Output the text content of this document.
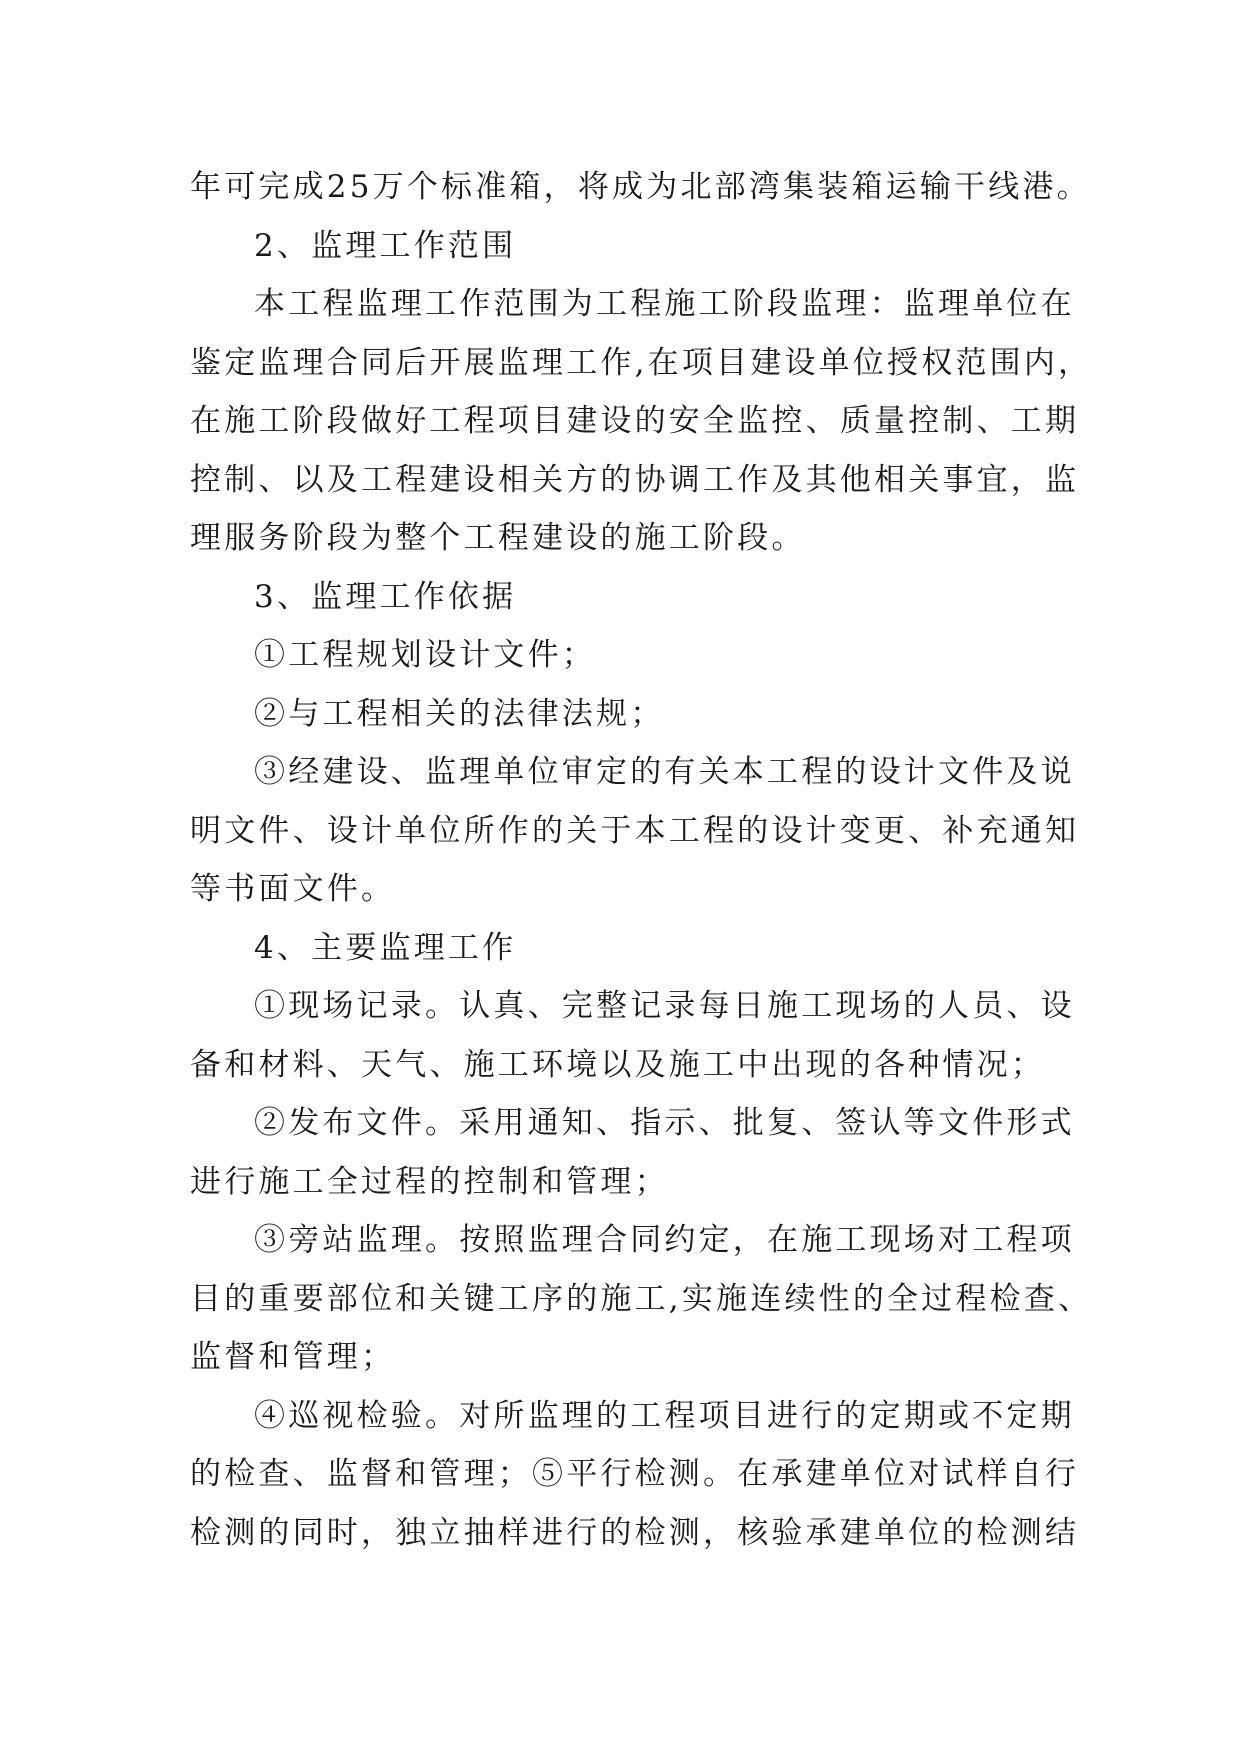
年可完成25万个标准箱，将成为北部湾集装箱运输干线港。
2、监理工作范围
本工程监理工作范围为工程施工阶段监理：监理单位在
鉴定监理合同后开展监理工作,在项目建设单位授权范围内，
在施工阶段做好工程项目建设的安全监控、质量控制、工期
控制、以及工程建设相关方的协调工作及其他相关事宜，监
理服务阶段为整个工程建设的施工阶段。
3、监理工作依据
①工程规划设计文件；
②与工程相关的法律法规；
③经建设、监理单位审定的有关本工程的设计文件及说
明文件、设计单位所作的关于本工程的设计变更、补充通知
等书面文件。
4、主要监理工作
①现场记录。认真、完整记录每日施工现场的人员、设
备和材料、天气、施工环境以及施工中出现的各种情况；
②发布文件。采用通知、指示、批复、签认等文件形式
进行施工全过程的控制和管理；
③旁站监理。按照监理合同约定，在施工现场对工程项
目的重要部位和关键工序的施工,实施连续性的全过程检查、
监督和管理；
④巡视检验。对所监理的工程项目进行的定期或不定期
的检查、监督和管理；⑤平行检测。在承建单位对试样自行
检测的同时，独立抽样进行的检测，核验承建单位的检测结
